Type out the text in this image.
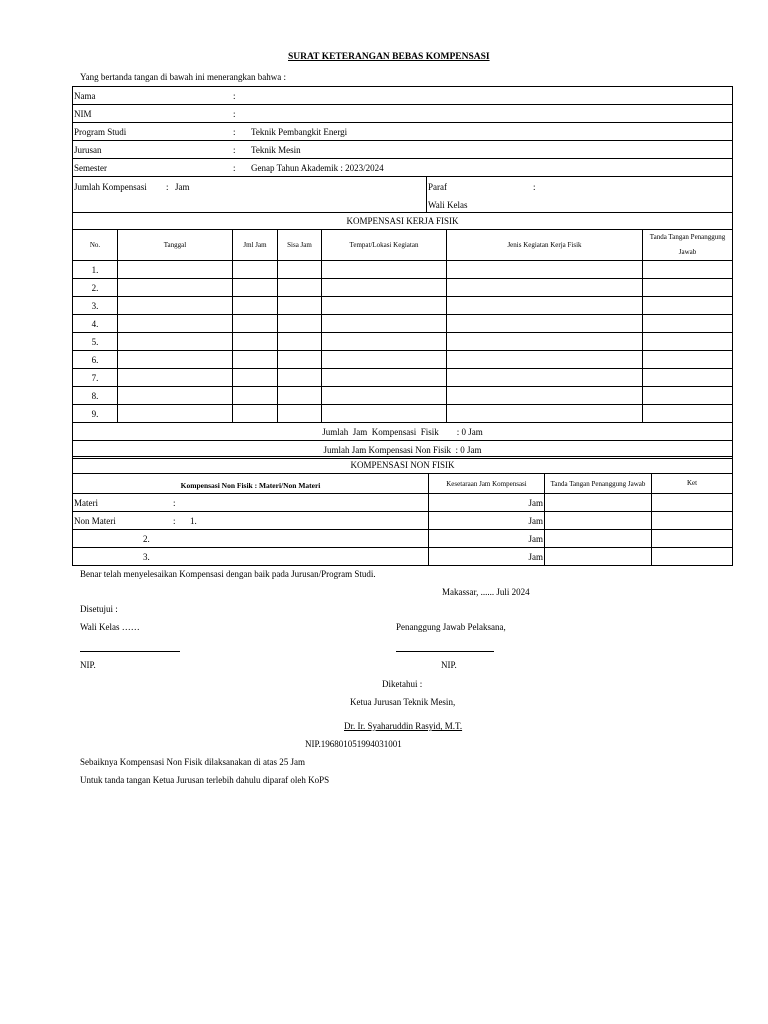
SURAT KETERANGAN BEBAS KOMPENSASI
Yang bertanda tangan di bawah ini menerangkan bahwa :
Nama	:

NIM	:

Program Studi	: Teknik Pembangkit Energi

Jurusan	: Teknik Mesin

Semester	: Genap Tahun Akademik : 2023/2024

Jumlah Kompensasi : Jam	Paraf	:
Wali Kelas
KOMPENSASI KERJA FISIK						
No.	Tanggal	Jml Jam	Sisa Jam	Tempat/Lokasi Kegiatan	Jenis Kegiatan Kerja Fisik	Tanda Tangan Penanggung Jawab
1.						
2.						
3.						
4.						
5.						
6.						
7.						
8.						
9.						
Jumlah  Jam  Kompensasi  Fisik        : 0 Jam						
Jumlah Jam Kompensasi Non Fisik  : 0 Jam						
KOMPENSASI NON FISIK			
Kompensasi Non Fisik : Materi/Non Materi	Kesetaraan Jam Kompensasi	Tanda Tangan Penanggung Jawab	Ket
Materi :	Jam		
Non Materi : 1.	Jam		

2.	Jam		

3.	Jam		
Benar telah menyelesaikan Kompensasi dengan baik pada Jurusan/Program Studi.
Makassar, ...... Juli 2024
Disetujui :
Wali Kelas ……	Penanggung Jawab Pelaksana,
NIP.	NIP.
Diketahui :
Ketua Jurusan Teknik Mesin,
Dr. Ir. Syaharuddin Rasyid, M.T.
NIP.196801051994031001
Sebaiknya Kompensasi Non Fisik dilaksanakan di atas 25 Jam
Untuk tanda tangan Ketua Jurusan terlebih dahulu diparaf oleh KoPS
